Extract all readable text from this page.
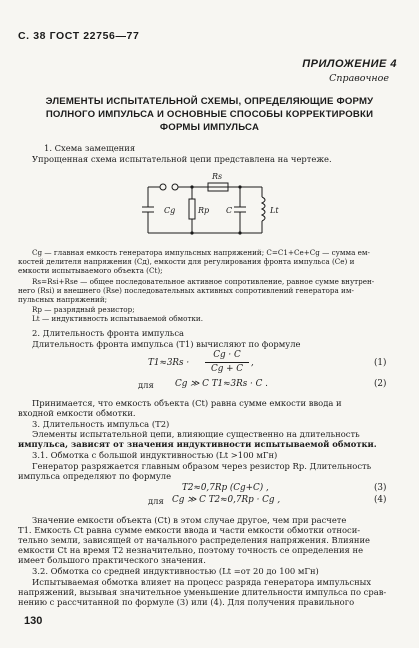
С. 38 ГОСТ 22756—77
ПРИЛОЖЕНИЕ 4
Справочное
ЭЛЕМЕНТЫ ИСПЫТАТЕЛЬНОЙ СХЕМЫ, ОПРЕДЕЛЯЮЩИЕ ФОРМУ
ПОЛНОГО ИМПУЛЬСА И ОСНОВНЫЕ СПОСОБЫ КОРРЕКТИРОВКИ
ФОРМЫ ИМПУЛЬСА
1. Схема замещения
Упрощенная схема испытательной цепи представлена на чертеже.
Rs
Cg	Rp C	Lt
Cg — главная емкость генератора импульсных напряжений; C=C1+Ce+Cg — сумма ем-
костей делителя напряжения (Cд), емкости для регулирования фронта импульса (Cе) и
емкости испытываемого объекта (Ct);
Rs=Rsi+Rse — общее последовательное активное сопротивление, равное сумме внутрен-
него (Rsi) и внешнего (Rse) последовательных активных сопротивлений генератора им-
пульсных напряжений;
Rp — разрядный резистор;
Lt — индуктивность испытываемой обмотки.
2. Длительность фронта импульса
Длительность фронта импульса (T1) вычисляют по формуле
T1≈3Rs ·
Cg · C
Cg + C
,	(1)
для Cg ≫ C T1≈3Rs · C .	(2)
Принимается, что емкость объекта (Ct) равна сумме емкости ввода и
входной емкости обмотки.
3. Длительность импульса (T2)
Элементы испытательной цепи, влияющие существенно на длительность
импульса, зависят от значения индуктивности испытываемой обмотки.
3.1. Обмотка с большой индуктивностью (Lt >100 мГн)
Генератор разряжается главным образом через резистор Rp. Длительность
импульса определяют по формуле
T2≈0,7Rp (Cg+C) ,	(3)
для Cg ≫ C T2≈0,7Rp · Cg ,	(4)
Значение емкости объекта (Ct) в этом случае другое, чем при расчете
T1. Емкость Ct равна сумме емкости ввода и части емкости обмотки относи-
тельно земли, зависящей от начального распределения напряжения. Влияние
емкости Ct на время T2 незначительно, поэтому точность се определения не
имеет большого практического значения.
3.2. Обмотка со средней индуктивностью (Lt =от 20 до 100 мГн)
Испытываемая обмотка влияет на процесс разряда генератора импульсных
напряжений, вызывая значительное уменьшение длительности импульса по срав-
нению с рассчитанной по формуле (3) или (4). Для получения правильного
130
